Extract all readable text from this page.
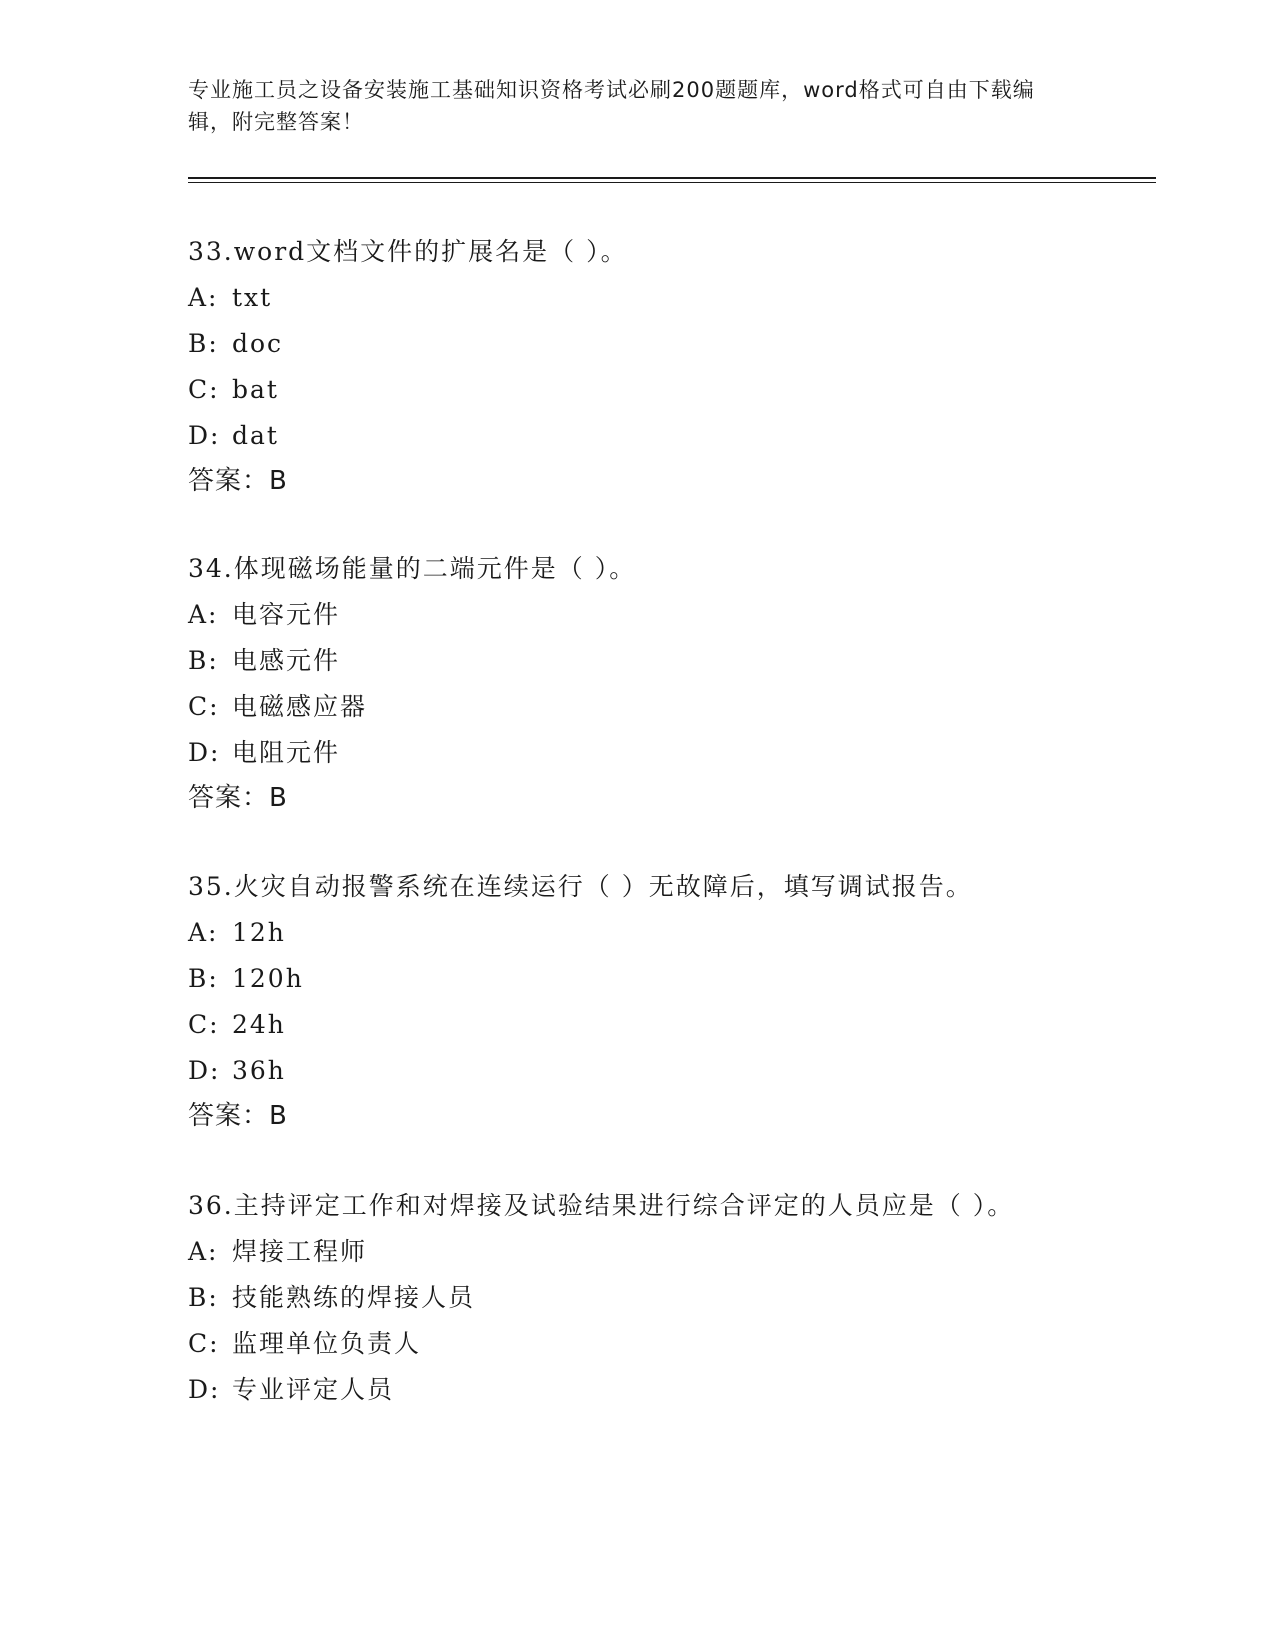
专业施工员之设备安装施工基础知识资格考试必刷200题题库，word格式可自由下载编辑，附完整答案！

33.word文档文件的扩展名是（ ）。

A: txt

B: doc

C: bat

D: dat

答案：B

34.体现磁场能量的二端元件是（ ）。

A: 电容元件

B: 电感元件

C: 电磁感应器

D: 电阻元件

答案：B

35.火灾自动报警系统在连续运行（ ）无故障后，填写调试报告。

A: 12h

B: 120h

C: 24h

D: 36h

答案：B

36.主持评定工作和对焊接及试验结果进行综合评定的人员应是（ ）。

A: 焊接工程师

B: 技能熟练的焊接人员

C: 监理单位负责人

D: 专业评定人员
